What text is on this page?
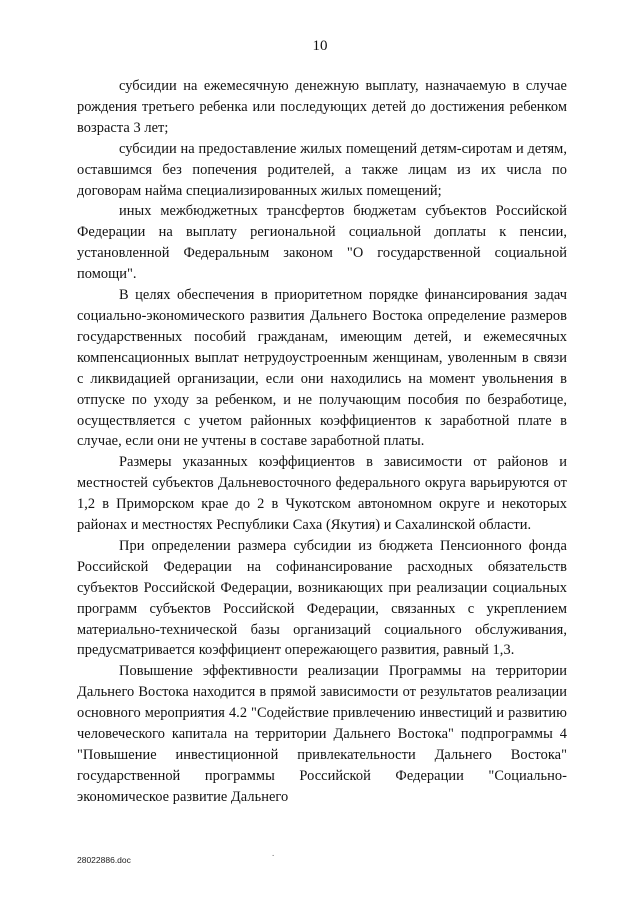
10

субсидии на ежемесячную денежную выплату, назначаемую в случае рождения третьего ребенка или последующих детей до достижения ребенком возраста 3 лет;

субсидии на предоставление жилых помещений детям-сиротам и детям, оставшимся без попечения родителей, а также лицам из их числа по договорам найма специализированных жилых помещений;

иных межбюджетных трансфертов бюджетам субъектов Российской Федерации на выплату региональной социальной доплаты к пенсии, установленной Федеральным законом "О государственной социальной помощи".

В целях обеспечения в приоритетном порядке финансирования задач социально-экономического развития Дальнего Востока определение размеров государственных пособий гражданам, имеющим детей, и ежемесячных компенсационных выплат нетрудоустроенным женщинам, уволенным в связи с ликвидацией организации, если они находились на момент увольнения в отпуске по уходу за ребенком, и не получающим пособия по безработице, осуществляется с учетом районных коэффициентов к заработной плате в случае, если они не учтены в составе заработной платы.

Размеры указанных коэффициентов в зависимости от районов и местностей субъектов Дальневосточного федерального округа варьируются от 1,2 в Приморском крае до 2 в Чукотском автономном округе и некоторых районах и местностях Республики Саха (Якутия) и Сахалинской области.

При определении размера субсидии из бюджета Пенсионного фонда Российской Федерации на софинансирование расходных обязательств субъектов Российской Федерации, возникающих при реализации социальных программ субъектов Российской Федерации, связанных с укреплением материально-технической базы организаций социального обслуживания, предусматривается коэффициент опережающего развития, равный 1,3.

Повышение эффективности реализации Программы на территории Дальнего Востока находится в прямой зависимости от результатов реализации основного мероприятия 4.2 "Содействие привлечению инвестиций и развитию человеческого капитала на территории Дальнего Востока" подпрограммы 4 "Повышение инвестиционной привлекательности Дальнего Востока" государственной программы Российской Федерации "Социально-экономическое развитие Дальнего

.
28022886.doc
